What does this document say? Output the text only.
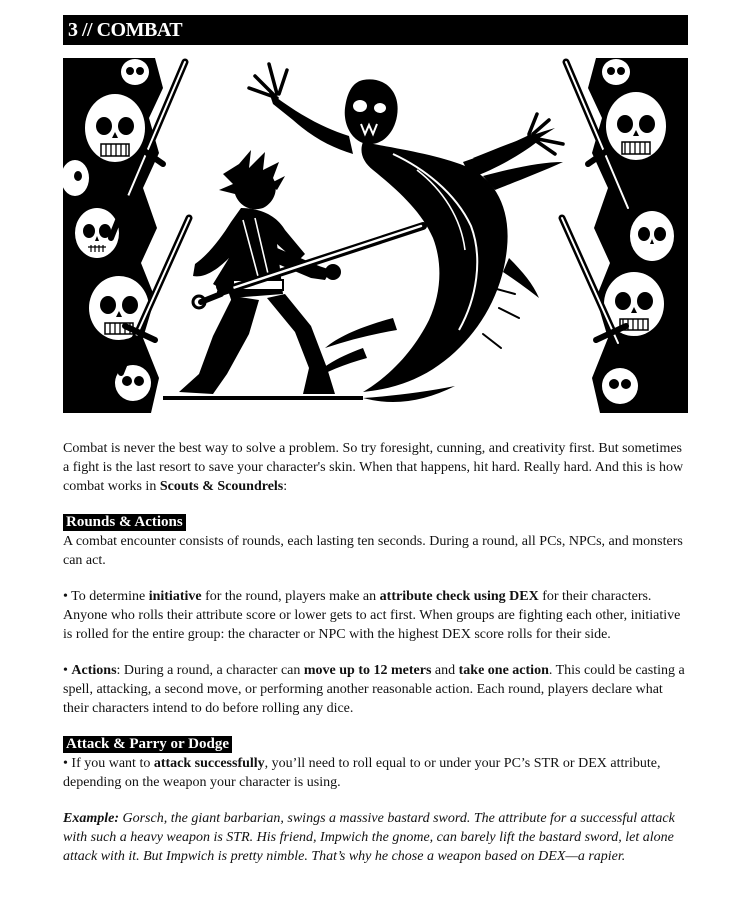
3 // COMBAT

Combat is never the best way to solve a problem. So try foresight, cunning, and creativity first. But sometimes a fight is the last resort to save your character's skin. When that happens, hit hard. Really hard. And this is how combat works in Scouts & Scoundrels:

Rounds & Actions

A combat encounter consists of rounds, each lasting ten seconds. During a round, all PCs, NPCs, and monsters can act.

• To determine initiative for the round, players make an attribute check using DEX for their characters. Anyone who rolls their attribute score or lower gets to act first. When groups are fighting each other, initiative is rolled for the entire group: the character or NPC with the highest DEX score rolls for their side.

• Actions: During a round, a character can move up to 12 meters and take one action. This could be casting a spell, attacking, a second move, or performing another reasonable action. Each round, players declare what their characters intend to do before rolling any dice.

Attack & Parry or Dodge

• If you want to attack successfully, you’ll need to roll equal to or under your PC’s STR or DEX attribute, depending on the weapon your character is using.

Example: Gorsch, the giant barbarian, swings a massive bastard sword. The attribute for a successful attack with such a heavy weapon is STR. His friend, Impwich the gnome, can barely lift the bastard sword, let alone attack with it. But Impwich is pretty nimble. That’s why he chose a weapon based on DEX—a rapier.
